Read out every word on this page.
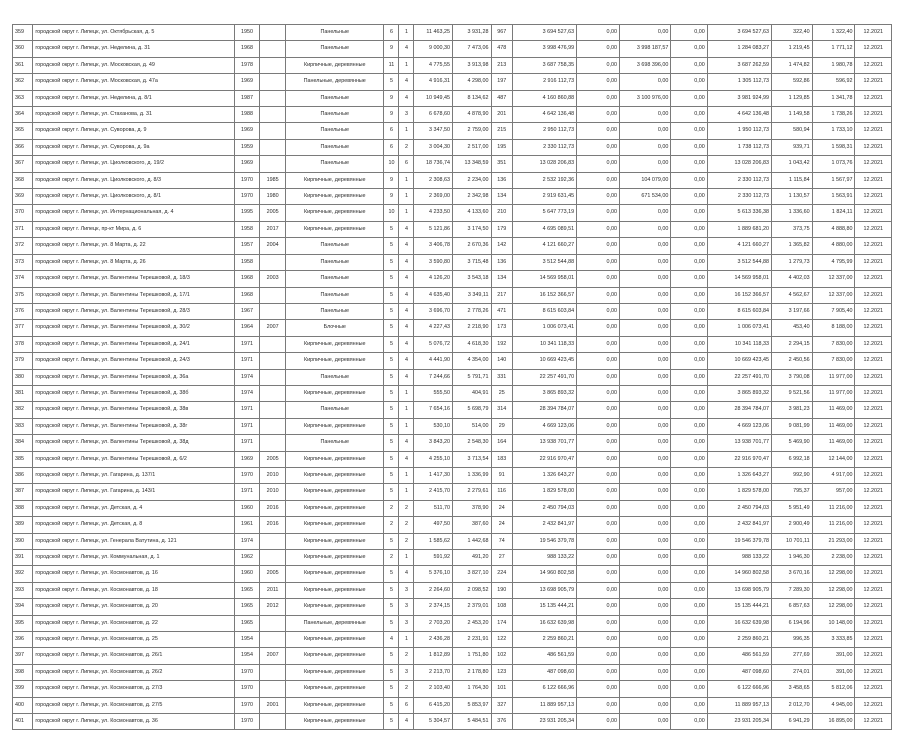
359	городской округ г. Липецк, ул. Октябрьская, д. 5	1950		Панельные	6	1	11 463,25	3 931,28	967	3 694 527,63	0,00	0,00	0,00	3 694 527,63	322,40	1 322,40	12.2021
360	городской округ г. Липецк, ул. Неделина, д. 31	1968		Панельные	9	4	9 000,30	7 473,06	478	3 998 476,99	0,00	3 998 187,57	0,00	1 284 083,27	1 219,45	1 771,12	12.2021
361	городской округ г. Липецк, ул. Московская, д. 49	1978		Кирпичные, деревянные	11	1	4 775,55	3 913,98	213	3 687 758,35	0,00	3 698 396,00	0,00	3 687 262,59	1 474,82	1 980,78	12.2021
362	городской округ г. Липецк, ул. Московская, д. 47а	1969		Панельные, деревянные	5	4	4 916,31	4 298,00	197	2 916 112,73	0,00	0,00	0,00	1 305 112,73	592,86	596,92	12.2021
363	городской округ г. Липецк, ул. Неделина, д. 8/1	1987		Панельные	9	4	10 949,45	8 134,62	487	4 160 860,88	0,00	3 100 976,00	0,00	3 981 924,99	1 129,85	1 341,78	12.2021
364	городской округ г. Липецк, ул. Стаханова, д. 31	1988		Панельные	9	3	6 678,60	4 878,90	201	4 642 136,48	0,00	0,00	0,00	4 642 136,48	1 149,58	1 738,26	12.2021
365	городской округ г. Липецк, ул. Суворова, д. 9	1969		Панельные	6	1	3 347,50	2 759,00	215	2 950 112,73	0,00	0,00	0,00	1 950 112,73	580,94	1 733,10	12.2021
366	городской округ г. Липецк, ул. Суворова, д. 9а	1959		Панельные	6	2	3 004,30	2 517,00	195	2 330 112,73	0,00	0,00	0,00	1 738 112,73	939,71	1 598,31	12.2021
367	городской округ г. Липецк, ул. Циолковского, д. 19/2	1969		Панельные	10	6	18 736,74	13 348,59	351	13 028 206,83	0,00	0,00	0,00	13 028 206,83	1 043,42	1 073,76	12.2021
368	городской округ г. Липецк, ул. Циолковского, д. 8/3	1970	1985	Кирпичные, деревянные	9	1	2 308,63	2 234,00	136	2 532 192,36	0,00	104 079,00	0,00	2 330 112,73	1 115,84	1 567,97	12.2021
369	городской округ г. Липецк, ул. Циолковского, д. 8/1	1970	1980	Кирпичные, деревянные	9	1	2 369,00	2 342,98	134	2 919 631,45	0,00	671 534,00	0,00	2 330 112,73	1 130,57	1 563,91	12.2021
370	городской округ г. Липецк, ул. Интернациональная, д. 4	1995	2005	Кирпичные, деревянные	10	1	4 233,50	4 133,60	210	5 647 773,19	0,00	0,00	0,00	5 613 336,38	1 336,60	1 824,11	12.2021
371	городской округ г. Липецк, пр-кт Мира, д. 6	1958	2017	Кирпичные, деревянные	5	4	5 121,86	3 174,50	179	4 695 089,51	0,00	0,00	0,00	1 889 681,20	373,75	4 888,80	12.2021
372	городской округ г. Липецк, ул. 8 Марта, д. 22	1957	2004	Панельные	5	4	3 406,78	2 670,36	142	4 121 660,27	0,00	0,00	0,00	4 121 660,27	1 365,82	4 880,00	12.2021
373	городской округ г. Липецк, ул. 8 Марта, д. 26	1958		Панельные	5	4	3 590,80	3 715,48	136	3 512 544,88	0,00	0,00	0,00	3 512 544,88	1 279,73	4 795,99	12.2021
374	городской округ г. Липецк, ул. Валентины Терешковой, д. 18/3	1968	2003	Панельные	5	4	4 126,20	3 543,18	134	14 569 958,01	0,00	0,00	0,00	14 569 958,01	4 402,03	12 337,00	12.2021
375	городской округ г. Липецк, ул. Валентины Терешковой, д. 17/1	1968		Панельные	5	4	4 635,40	3 349,11	217	16 152 366,57	0,00	0,00	0,00	16 152 366,57	4 562,67	12 337,00	12.2021
376	городской округ г. Липецк, ул. Валентины Терешковой, д. 28/3	1967		Панельные	5	4	3 696,70	2 778,26	471	8 615 603,84	0,00	0,00	0,00	8 615 603,84	3 197,66	7 905,40	12.2021
377	городской округ г. Липецк, ул. Валентины Терешковой, д. 30/2	1964	2007	Блочные	5	4	4 227,43	2 218,90	173	1 006 073,41	0,00	0,00	0,00	1 006 073,41	453,40	8 188,00	12.2021
378	городской округ г. Липецк, ул. Валентины Терешковой, д. 24/1	1971		Кирпичные, деревянные	5	4	5 076,72	4 618,30	192	10 341 118,33	0,00	0,00	0,00	10 341 118,33	2 294,15	7 830,00	12.2021
379	городской округ г. Липецк, ул. Валентины Терешковой, д. 24/3	1971		Кирпичные, деревянные	5	4	4 441,90	4 354,00	140	10 669 423,45	0,00	0,00	0,00	10 669 423,45	2 450,56	7 830,00	12.2021
380	городской округ г. Липецк, ул. Валентины Терешковой, д. 36а	1974		Панельные	5	4	7 244,66	5 791,71	331	22 257 491,70	0,00	0,00	0,00	22 257 491,70	3 790,08	11 977,00	12.2021
381	городской округ г. Липецк, ул. Валентины Терешковой, д. 38б	1974		Кирпичные, деревянные	5	1	555,50	404,91	25	3 865 893,32	0,00	0,00	0,00	3 865 893,32	9 521,56	11 977,00	12.2021
382	городской округ г. Липецк, ул. Валентины Терешковой, д. 38в	1971		Панельные	5	1	7 654,16	5 698,79	314	28 394 784,07	0,00	0,00	0,00	28 394 784,07	3 981,23	11 469,00	12.2021
383	городской округ г. Липецк, ул. Валентины Терешковой, д. 38г	1971		Кирпичные, деревянные	5	1	530,10	514,00	29	4 669 123,06	0,00	0,00	0,00	4 669 123,06	9 081,99	11 469,00	12.2021
384	городской округ г. Липецк, ул. Валентины Терешковой, д. 38д	1971		Панельные	5	4	3 843,20	2 548,30	164	13 938 701,77	0,00	0,00	0,00	13 938 701,77	5 469,90	11 469,00	12.2021
385	городской округ г. Липецк, ул. Валентины Терешковой, д. 6/2	1969	2005	Кирпичные, деревянные	5	4	4 255,10	3 713,54	183	22 916 970,47	0,00	0,00	0,00	22 916 970,47	6 992,18	12 144,00	12.2021
386	городской округ г. Липецк, ул. Гагарина, д. 137/1	1970	2010	Кирпичные, деревянные	5	1	1 417,30	1 336,99	91	1 326 643,27	0,00	0,00	0,00	1 326 643,27	992,90	4 917,00	12.2021
387	городской округ г. Липецк, ул. Гагарина, д. 143/1	1971	2010	Кирпичные, деревянные	5	1	2 415,70	2 279,61	116	1 829 578,00	0,00	0,00	0,00	1 829 578,00	795,37	957,00	12.2021
388	городской округ г. Липецк, ул. Детская, д. 4	1960	2016	Кирпичные, деревянные	2	2	511,70	378,90	24	2 450 794,03	0,00	0,00	0,00	2 450 794,03	5 951,49	11 216,00	12.2021
389	городской округ г. Липецк, ул. Детская, д. 8	1961	2016	Кирпичные, деревянные	2	2	497,50	387,60	24	2 432 841,97	0,00	0,00	0,00	2 432 841,97	2 900,49	11 216,00	12.2021
390	городской округ г. Липецк, ул. Генерала Ватутина, д. 121	1974		Кирпичные, деревянные	5	2	1 585,62	1 442,68	74	19 546 379,78	0,00	0,00	0,00	19 546 379,78	10 701,11	21 293,00	12.2021
391	городской округ г. Липецк, ул. Коммунальная, д. 1	1962		Кирпичные, деревянные	2	1	591,92	491,20	27	988 133,22	0,00	0,00	0,00	988 133,22	1 946,30	2 238,00	12.2021
392	городской округ г. Липецк, ул. Космонавтов, д. 16	1960	2005	Кирпичные, деревянные	5	4	5 376,10	3 827,10	224	14 960 802,58	0,00	0,00	0,00	14 960 802,58	3 670,16	12 298,00	12.2021
393	городской округ г. Липецк, ул. Космонавтов, д. 18	1965	2011	Кирпичные, деревянные	5	3	2 264,60	2 098,52	190	13 698 905,79	0,00	0,00	0,00	13 698 905,79	7 289,30	12 298,00	12.2021
394	городской округ г. Липецк, ул. Космонавтов, д. 20	1965	2012	Кирпичные, деревянные	5	3	2 374,15	2 379,01	108	15 135 444,21	0,00	0,00	0,00	15 135 444,21	6 857,63	12 298,00	12.2021
395	городской округ г. Липецк, ул. Космонавтов, д. 22	1965		Панельные, деревянные	5	3	2 703,20	2 453,20	174	16 632 639,98	0,00	0,00	0,00	16 632 639,98	6 194,96	10 148,00	12.2021
396	городской округ г. Липецк, ул. Космонавтов, д. 25	1954		Кирпичные, деревянные	4	1	2 436,28	2 231,91	122	2 259 860,21	0,00	0,00	0,00	2 259 860,21	996,35	3 333,85	12.2021
397	городской округ г. Липецк, ул. Космонавтов, д. 26/1	1954	2007	Кирпичные, деревянные	5	2	1 812,89	1 751,80	102	486 561,59	0,00	0,00	0,00	486 561,59	277,69	391,00	12.2021
398	городской округ г. Липецк, ул. Космонавтов, д. 26/2	1970		Кирпичные, деревянные	5	3	2 213,70	2 178,80	123	487 098,60	0,00	0,00	0,00	487 098,60	274,01	391,00	12.2021
399	городской округ г. Липецк, ул. Космонавтов, д. 27/3	1970		Кирпичные, деревянные	5	2	2 103,40	1 764,30	101	6 122 666,96	0,00	0,00	0,00	6 122 666,96	3 458,65	5 812,06	12.2021
400	городской округ г. Липецк, ул. Космонавтов, д. 27/5	1970	2001	Кирпичные, деревянные	5	6	6 415,20	5 853,97	327	11 889 957,13	0,00	0,00	0,00	11 889 957,13	2 012,70	4 945,00	12.2021
401	городской округ г. Липецк, ул. Космонавтов, д. 36	1970		Кирпичные, деревянные	5	4	5 304,57	5 484,51	376	23 931 205,34	0,00	0,00	0,00	23 931 205,34	6 941,29	16 895,00	12.2021
